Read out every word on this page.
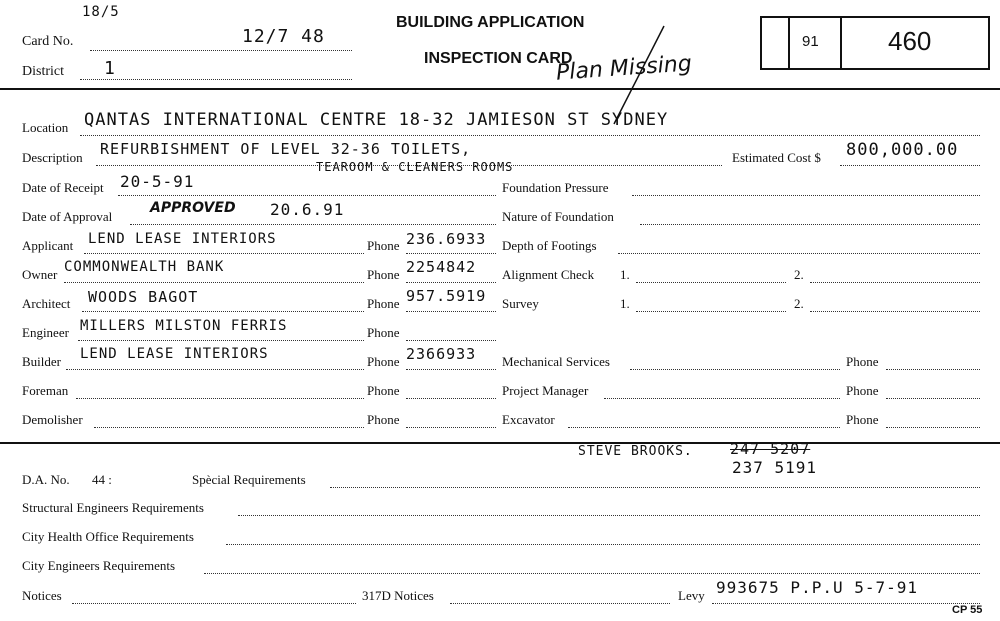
18/5
Card No.	12/7 48
District 1
BUILDING APPLICATION
INSPECTION CARD
Plan Missing
91	460
Location QANTAS INTERNATIONAL CENTRE 18-32 JAMIESON ST SYDNEY
Description REFURBISHMENT OF LEVEL 32-36 TOILETS,
TEAROOM & CLEANERS ROOMS
Estimated Cost $ 800,000.00
Date of Receipt 20-5-91
Date of Approval
APPROVED 20.6.91
Applicant LEND LEASE INTERIORS	Phone 236.6933
Owner COMMONWEALTH BANK	Phone 2254842
Architect WOODS BAGOT	Phone 957.5919
Engineer MILLERS MILSTON FERRIS	Phone
Builder LEND LEASE INTERIORS	Phone 2366933
Foreman	Phone
Demolisher	Phone
Foundation Pressure
Nature of Foundation
Depth of Footings
Alignment Check 1.	2.
Survey	1.	2.
Mechanical Services	Phone
Project Manager	Phone
Excavator	Phone
STEVE BROOKS. 247 5207
237 5191
D.A. No. 44 :	Spècial Requirements
Structural Engineers Requirements
City Health Office Requirements
City Engineers Requirements
Notices	317D Notices	Levy 993675 P.P.U 5-7-91
CP 55
